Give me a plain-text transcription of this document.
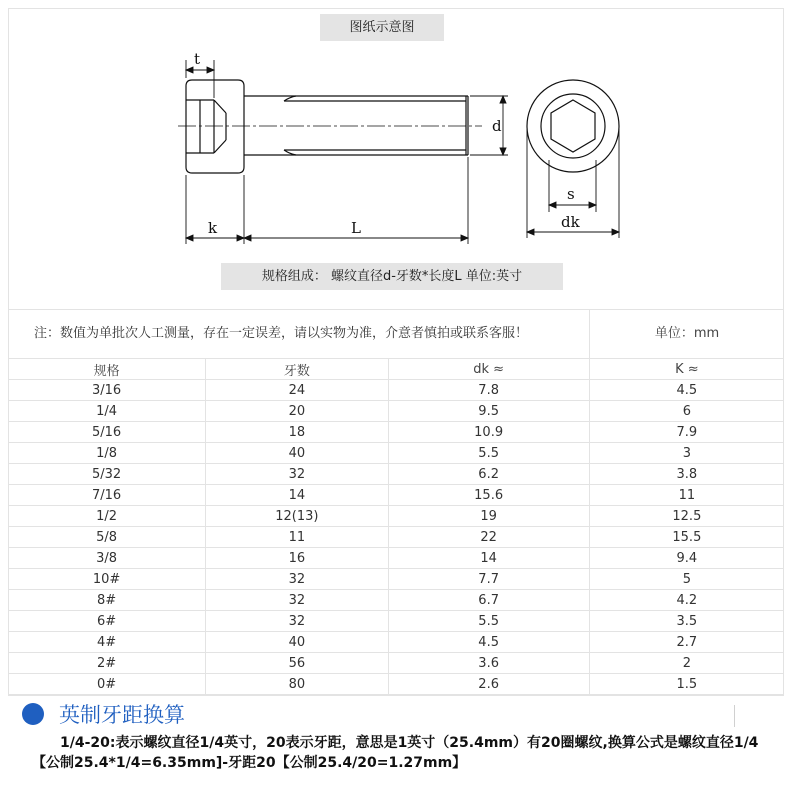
图纸示意图
t
d
k	L
s
dk
规格组成： 螺纹直径d-牙数*长度L 单位:英寸
注：数值为单批次人工测量，存在一定误差，请以实物为准，介意者慎拍或联系客服！	单位：mm
规格	牙数	dk ≈	K ≈
3/16	24	7.8	4.5
1/4	20	9.5	6
5/16	18	10.9	7.9
1/8	40	5.5	3
5/32	32	6.2	3.8
7/16	14	15.6	11
1/2	12(13)	19	12.5
5/8	11	22	15.5
3/8	16	14	9.4
10#	32	7.7	5
8#	32	6.7	4.2
6#	32	5.5	3.5
4#	40	4.5	2.7
2#	56	3.6	2
0#	80	2.6	1.5
英制牙距换算
1/4-20:表示螺纹直径1/4英寸，20表示牙距，意思是1英寸（25.4mm）有20圈螺纹,换算公式是螺纹直径1/4【公制25.4*1/4=6.35mm]-牙距20【公制25.4/20=1.27mm】
